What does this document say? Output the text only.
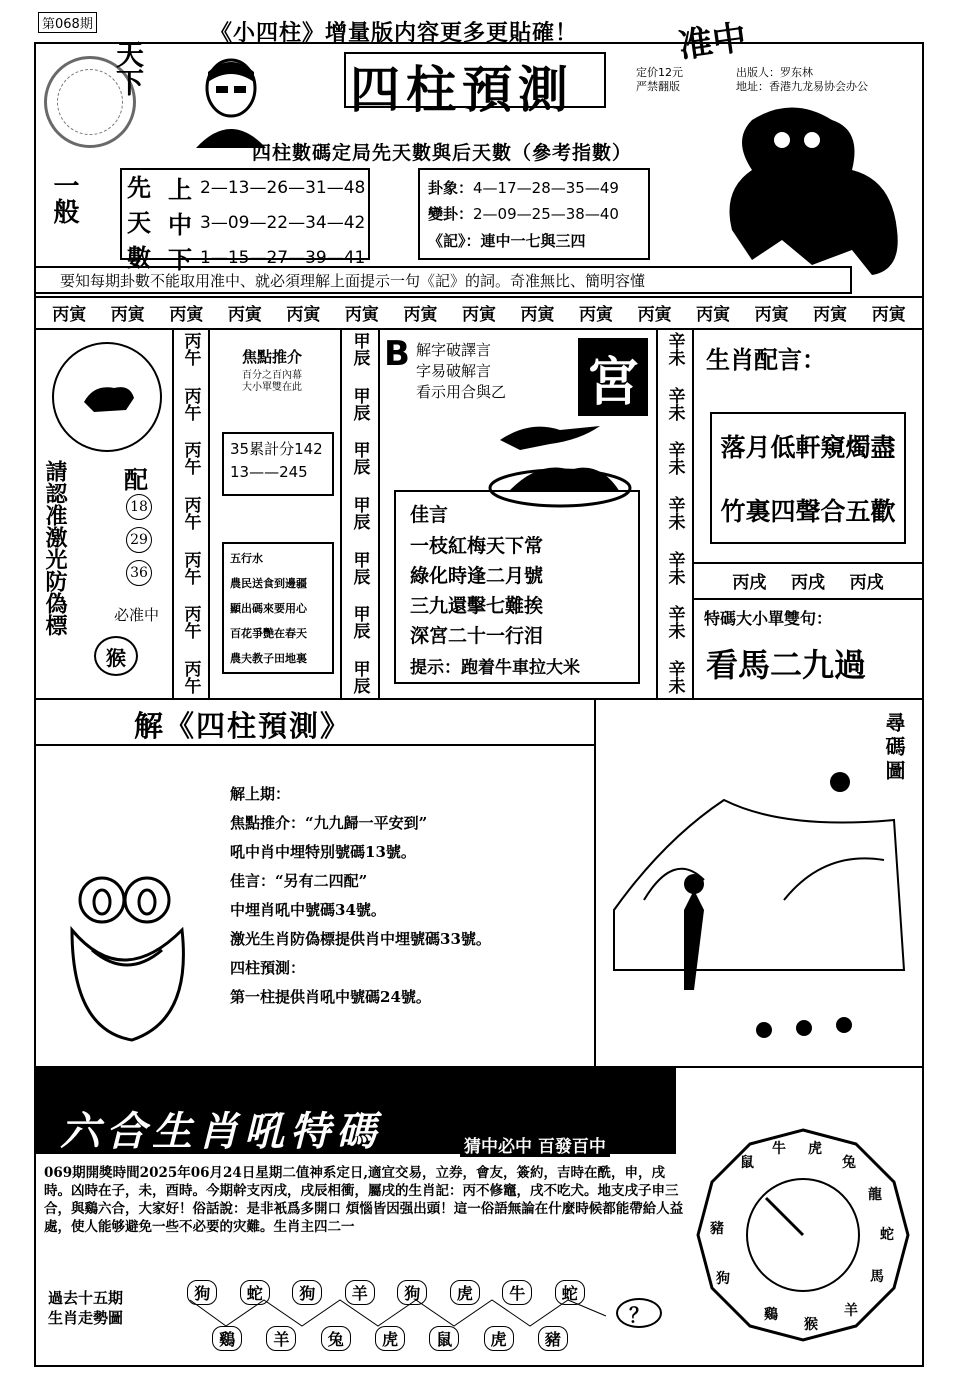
第068期	《小四柱》增量版内容更多更貼確！	准中
天下
一般
四柱預測	定价12元
严禁翻版
出版人：罗东林
地址：香港九龙易协会办公
四柱數碼定局先天數與后天數（參考指數）
先
天
數
上 2—13—26—31—48
中 3—09—22—34—42
下 1—15—27—39—41
卦象：4—17—28—35—49
變卦：2—09—25—38—40
《記》：連中一七與三四
要知每期卦數不能取用准中、就必須理解上面提示一句《記》的詞。奇准無比、簡明容懂
丙寅 丙寅 丙寅 丙寅 丙寅 丙寅 丙寅 丙寅 丙寅 丙寅 丙寅 丙寅 丙寅 丙寅 丙寅
請認准激光防偽標 配
18
29
36
必准中
猴
丙午
丙午
丙午
丙午
丙午
丙午
丙午
焦點推介
百分之百內幕
大小單雙在此
35累計分142
13——245
五行水
農民送食到邊疆
顯出碼來要用心
百花爭艷在春天
農夫教子田地裏
甲辰
甲辰
甲辰
甲辰
甲辰
甲辰
甲辰
B 解字破譯言
字易破解言
看示用合與乙 宮
佳言
一枝紅梅天下常
綠化時逢二月號
三九還擊七難挨
深宮二十一行泪
提示：跑着牛車拉大米
辛未
辛未
辛未
辛未
辛未
辛未
辛未
生肖配言：
落月低軒窺燭盡
竹裏四聲合五歡
丙戌 丙戌 丙戌
特碼大小單雙句：
看馬二九過
解《四柱預測》
解上期：
焦點推介：“九九歸一平安到”
吼中肖中埋特別號碼13號。
佳言：“另有二四配”
中埋肖吼中號碼34號。
激光生肖防偽標提供肖中埋號碼33號。
四柱預測：
第一柱提供肖吼中號碼24號。
尋碼圖
六合生肖吼特碼	猜中必中 百發百中
069期開獎時間2025年06月24日星期二值神系定日,適宜交易，立券，會友，簽約，吉時在酰，申，戌時。凶時在子，未，酉時。今期幹支丙戌，戌辰相衝，屬戌的生肖記：丙不修竈，戌不吃犬。地支戌子申三合，與鷄六合，大家好！俗話說：是非衹爲多開口 煩惱皆因强出頭！這一俗語無論在什麼時候都能帶給人益處，使人能够避免一些不必要的灾難。生肖主四二一
過去十五期
生肖走勢圖
狗	蛇	狗	羊	狗	虎	牛	蛇
鷄	羊	兔	虎	鼠	虎	豬
？
鼠
牛 虎
兔
龍
蛇
馬
羊
猴
鷄
狗
豬
